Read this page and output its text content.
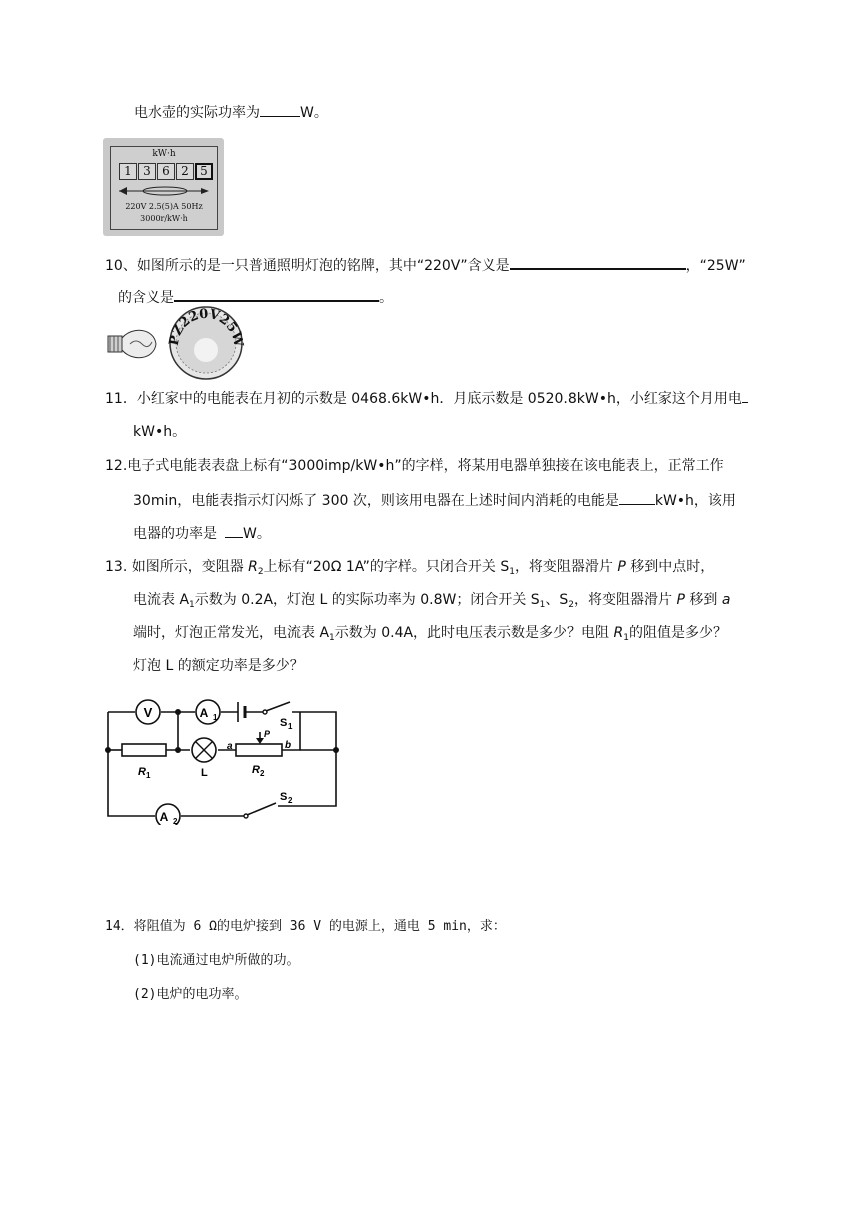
电水壶的实际功率为	W。
kW·h
1 3 6 2 5
220V 2.5(5)A 50Hz
3000r/kW·h
10、如图所示的是一只普通照明灯泡的铭牌，其中“220V”含义是	，“25W”
的含义是	。
PZ220V25W
11．小红家中的电能表在月初的示数是 0468.6kW•h．月底示数是 0520.8kW•h，小红家这个月用电
kW•h。
12.电子式电能表表盘上标有“3000imp/kW•h”的字样，将某用电器单独接在该电能表上，正常工作
30min，电能表指示灯闪烁了 300 次，则该用电器在上述时间内消耗的电能是	kW•h，该用
电器的功率是 W。
13. 如图所示，变阻器 $R_2$上标有“20Ω 1A”的字样。只闭合开关 $S_1$，将变阻器滑片 P 移到中点时，
电流表 $A_1$示数为 0.2A，灯泡 L 的实际功率为 0.8W；闭合开关 $S_1$、$S_2$，将变阻器滑片 P 移到 a
端时，灯泡正常发光，电流表 $A_1$示数为 0.4A，此时电压表示数是多少？电阻 $R_1$的阻值是多少？
灯泡 L 的额定功率是多少？
V	A 1	S 1
R 1	L
a
P
b
R 2
A 2
S 2
14．将阻值为 6 Ω的电炉接到 36 V 的电源上，通电 5 min，求：
(1)电流通过电炉所做的功。
(2)电炉的电功率。
